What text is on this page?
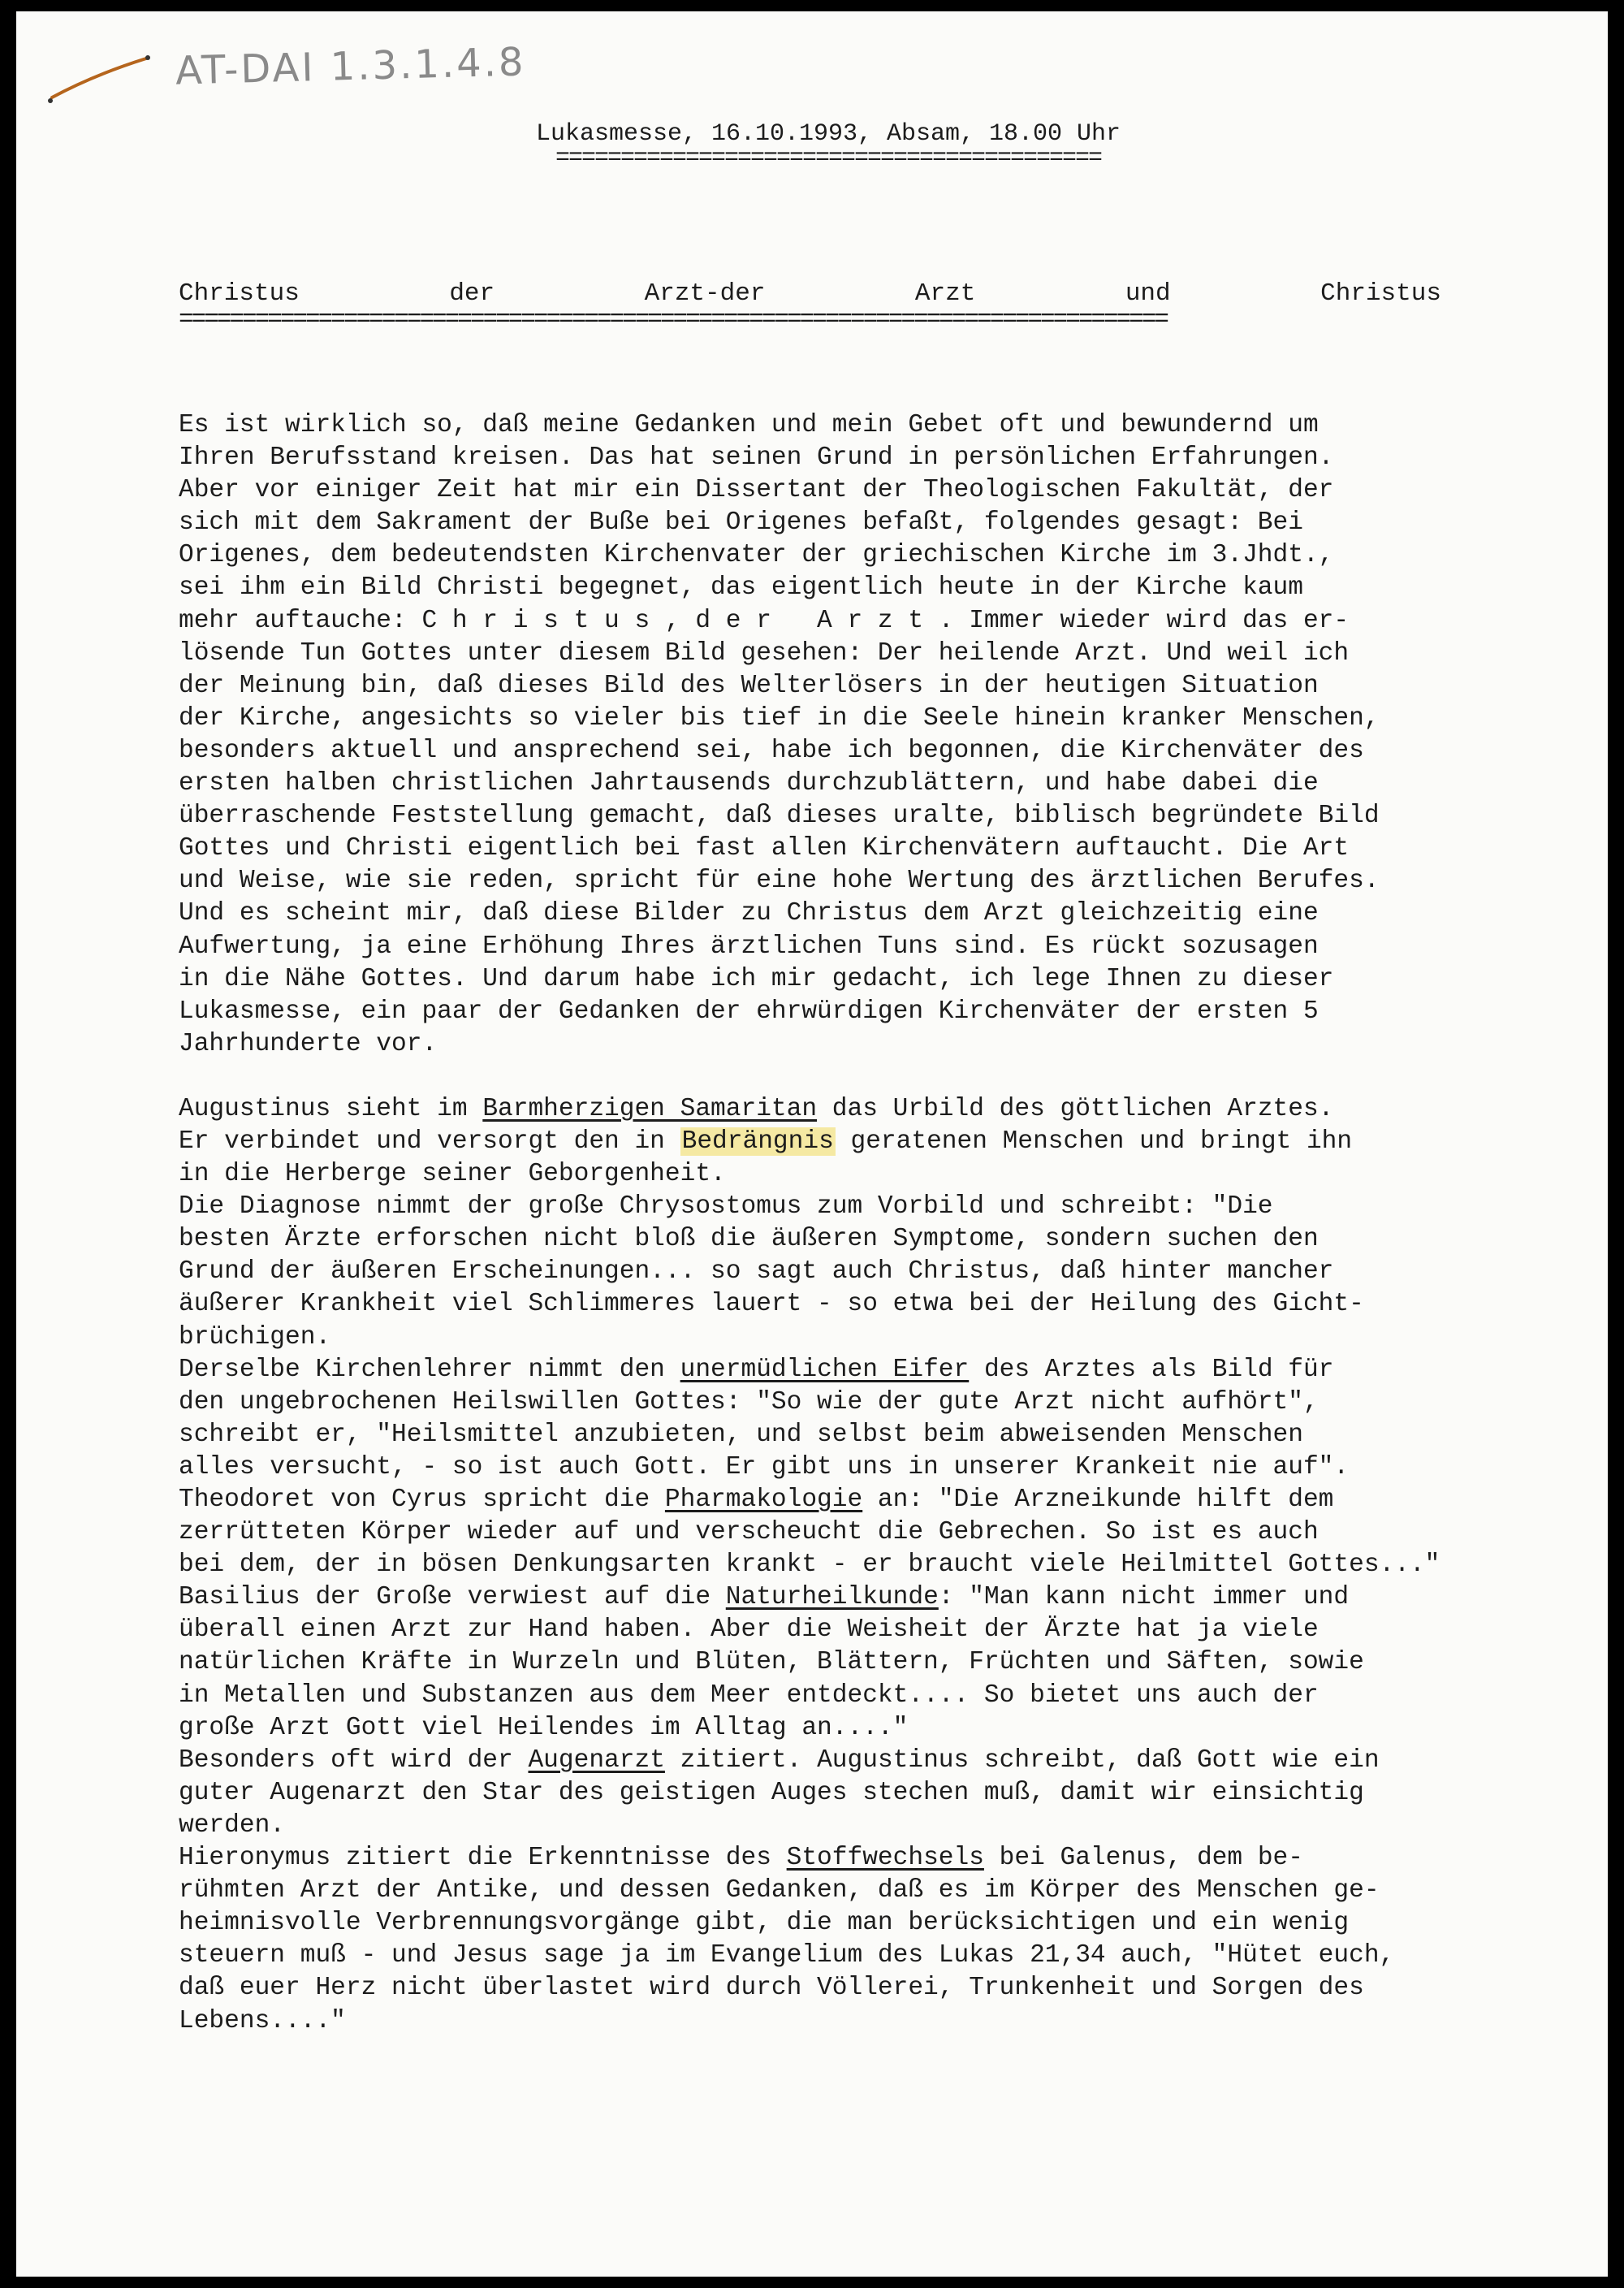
AT-DAI 1.3.1.4.8
Lukasmesse, 16.10.1993, Absam, 18.00 Uhr
==========================================
Christus	der	Arzt-der	Arzt	und	Christus
==============================================================================

Es ist wirklich so, daß meine Gedanken und mein Gebet oft und bewundernd um

Ihren Berufsstand kreisen. Das hat seinen Grund in persönlichen Erfahrungen.

Aber vor einiger Zeit hat mir ein Dissertant der Theologischen Fakultät, der

sich mit dem Sakrament der Buße bei Origenes befaßt, folgendes gesagt: Bei

Origenes, dem bedeutendsten Kirchenvater der griechischen Kirche im 3.Jhdt.,

sei ihm ein Bild Christi begegnet, das eigentlich heute in der Kirche kaum

mehr auftauche: C h r i s t u s , d e r   A r z t . Immer wieder wird das er-

lösende Tun Gottes unter diesem Bild gesehen: Der heilende Arzt. Und weil ich

der Meinung bin, daß dieses Bild des Welterlösers in der heutigen Situation

der Kirche, angesichts so vieler bis tief in die Seele hinein kranker Menschen,

besonders aktuell und ansprechend sei, habe ich begonnen, die Kirchenväter des

ersten halben christlichen Jahrtausends durchzublättern, und habe dabei die

überraschende Feststellung gemacht, daß dieses uralte, biblisch begründete Bild

Gottes und Christi eigentlich bei fast allen Kirchenvätern auftaucht. Die Art

und Weise, wie sie reden, spricht für eine hohe Wertung des ärztlichen Berufes.

Und es scheint mir, daß diese Bilder zu Christus dem Arzt gleichzeitig eine

Aufwertung, ja eine Erhöhung Ihres ärztlichen Tuns sind. Es rückt sozusagen

in die Nähe Gottes. Und darum habe ich mir gedacht, ich lege Ihnen zu dieser

Lukasmesse, ein paar der Gedanken der ehrwürdigen Kirchenväter der ersten 5

Jahrhunderte vor.

Augustinus sieht im Barmherzigen Samaritan das Urbild des göttlichen Arztes.

Er verbindet und versorgt den in Bedrängnis geratenen Menschen und bringt ihn

in die Herberge seiner Geborgenheit.

Die Diagnose nimmt der große Chrysostomus zum Vorbild und schreibt: "Die

besten Ärzte erforschen nicht bloß die äußeren Symptome, sondern suchen den

Grund der äußeren Erscheinungen... so sagt auch Christus, daß hinter mancher

äußerer Krankheit viel Schlimmeres lauert - so etwa bei der Heilung des Gicht-

brüchigen.

Derselbe Kirchenlehrer nimmt den unermüdlichen Eifer des Arztes als Bild für

den ungebrochenen Heilswillen Gottes: "So wie der gute Arzt nicht aufhört",

schreibt er, "Heilsmittel anzubieten, und selbst beim abweisenden Menschen

alles versucht, - so ist auch Gott. Er gibt uns in unserer Krankeit nie auf".

Theodoret von Cyrus spricht die Pharmakologie an: "Die Arzneikunde hilft dem

zerrütteten Körper wieder auf und verscheucht die Gebrechen. So ist es auch

bei dem, der in bösen Denkungsarten krankt - er braucht viele Heilmittel Gottes..."

Basilius der Große verwiest auf die Naturheilkunde: "Man kann nicht immer und

überall einen Arzt zur Hand haben. Aber die Weisheit der Ärzte hat ja viele

natürlichen Kräfte in Wurzeln und Blüten, Blättern, Früchten und Säften, sowie

in Metallen und Substanzen aus dem Meer entdeckt.... So bietet uns auch der

große Arzt Gott viel Heilendes im Alltag an...."

Besonders oft wird der Augenarzt zitiert. Augustinus schreibt, daß Gott wie ein

guter Augenarzt den Star des geistigen Auges stechen muß, damit wir einsichtig

werden.

Hieronymus zitiert die Erkenntnisse des Stoffwechsels bei Galenus, dem be-

rühmten Arzt der Antike, und dessen Gedanken, daß es im Körper des Menschen ge-

heimnisvolle Verbrennungsvorgänge gibt, die man berücksichtigen und ein wenig

steuern muß - und Jesus sage ja im Evangelium des Lukas 21,34 auch, "Hütet euch,

daß euer Herz nicht überlastet wird durch Völlerei, Trunkenheit und Sorgen des

Lebens...."
